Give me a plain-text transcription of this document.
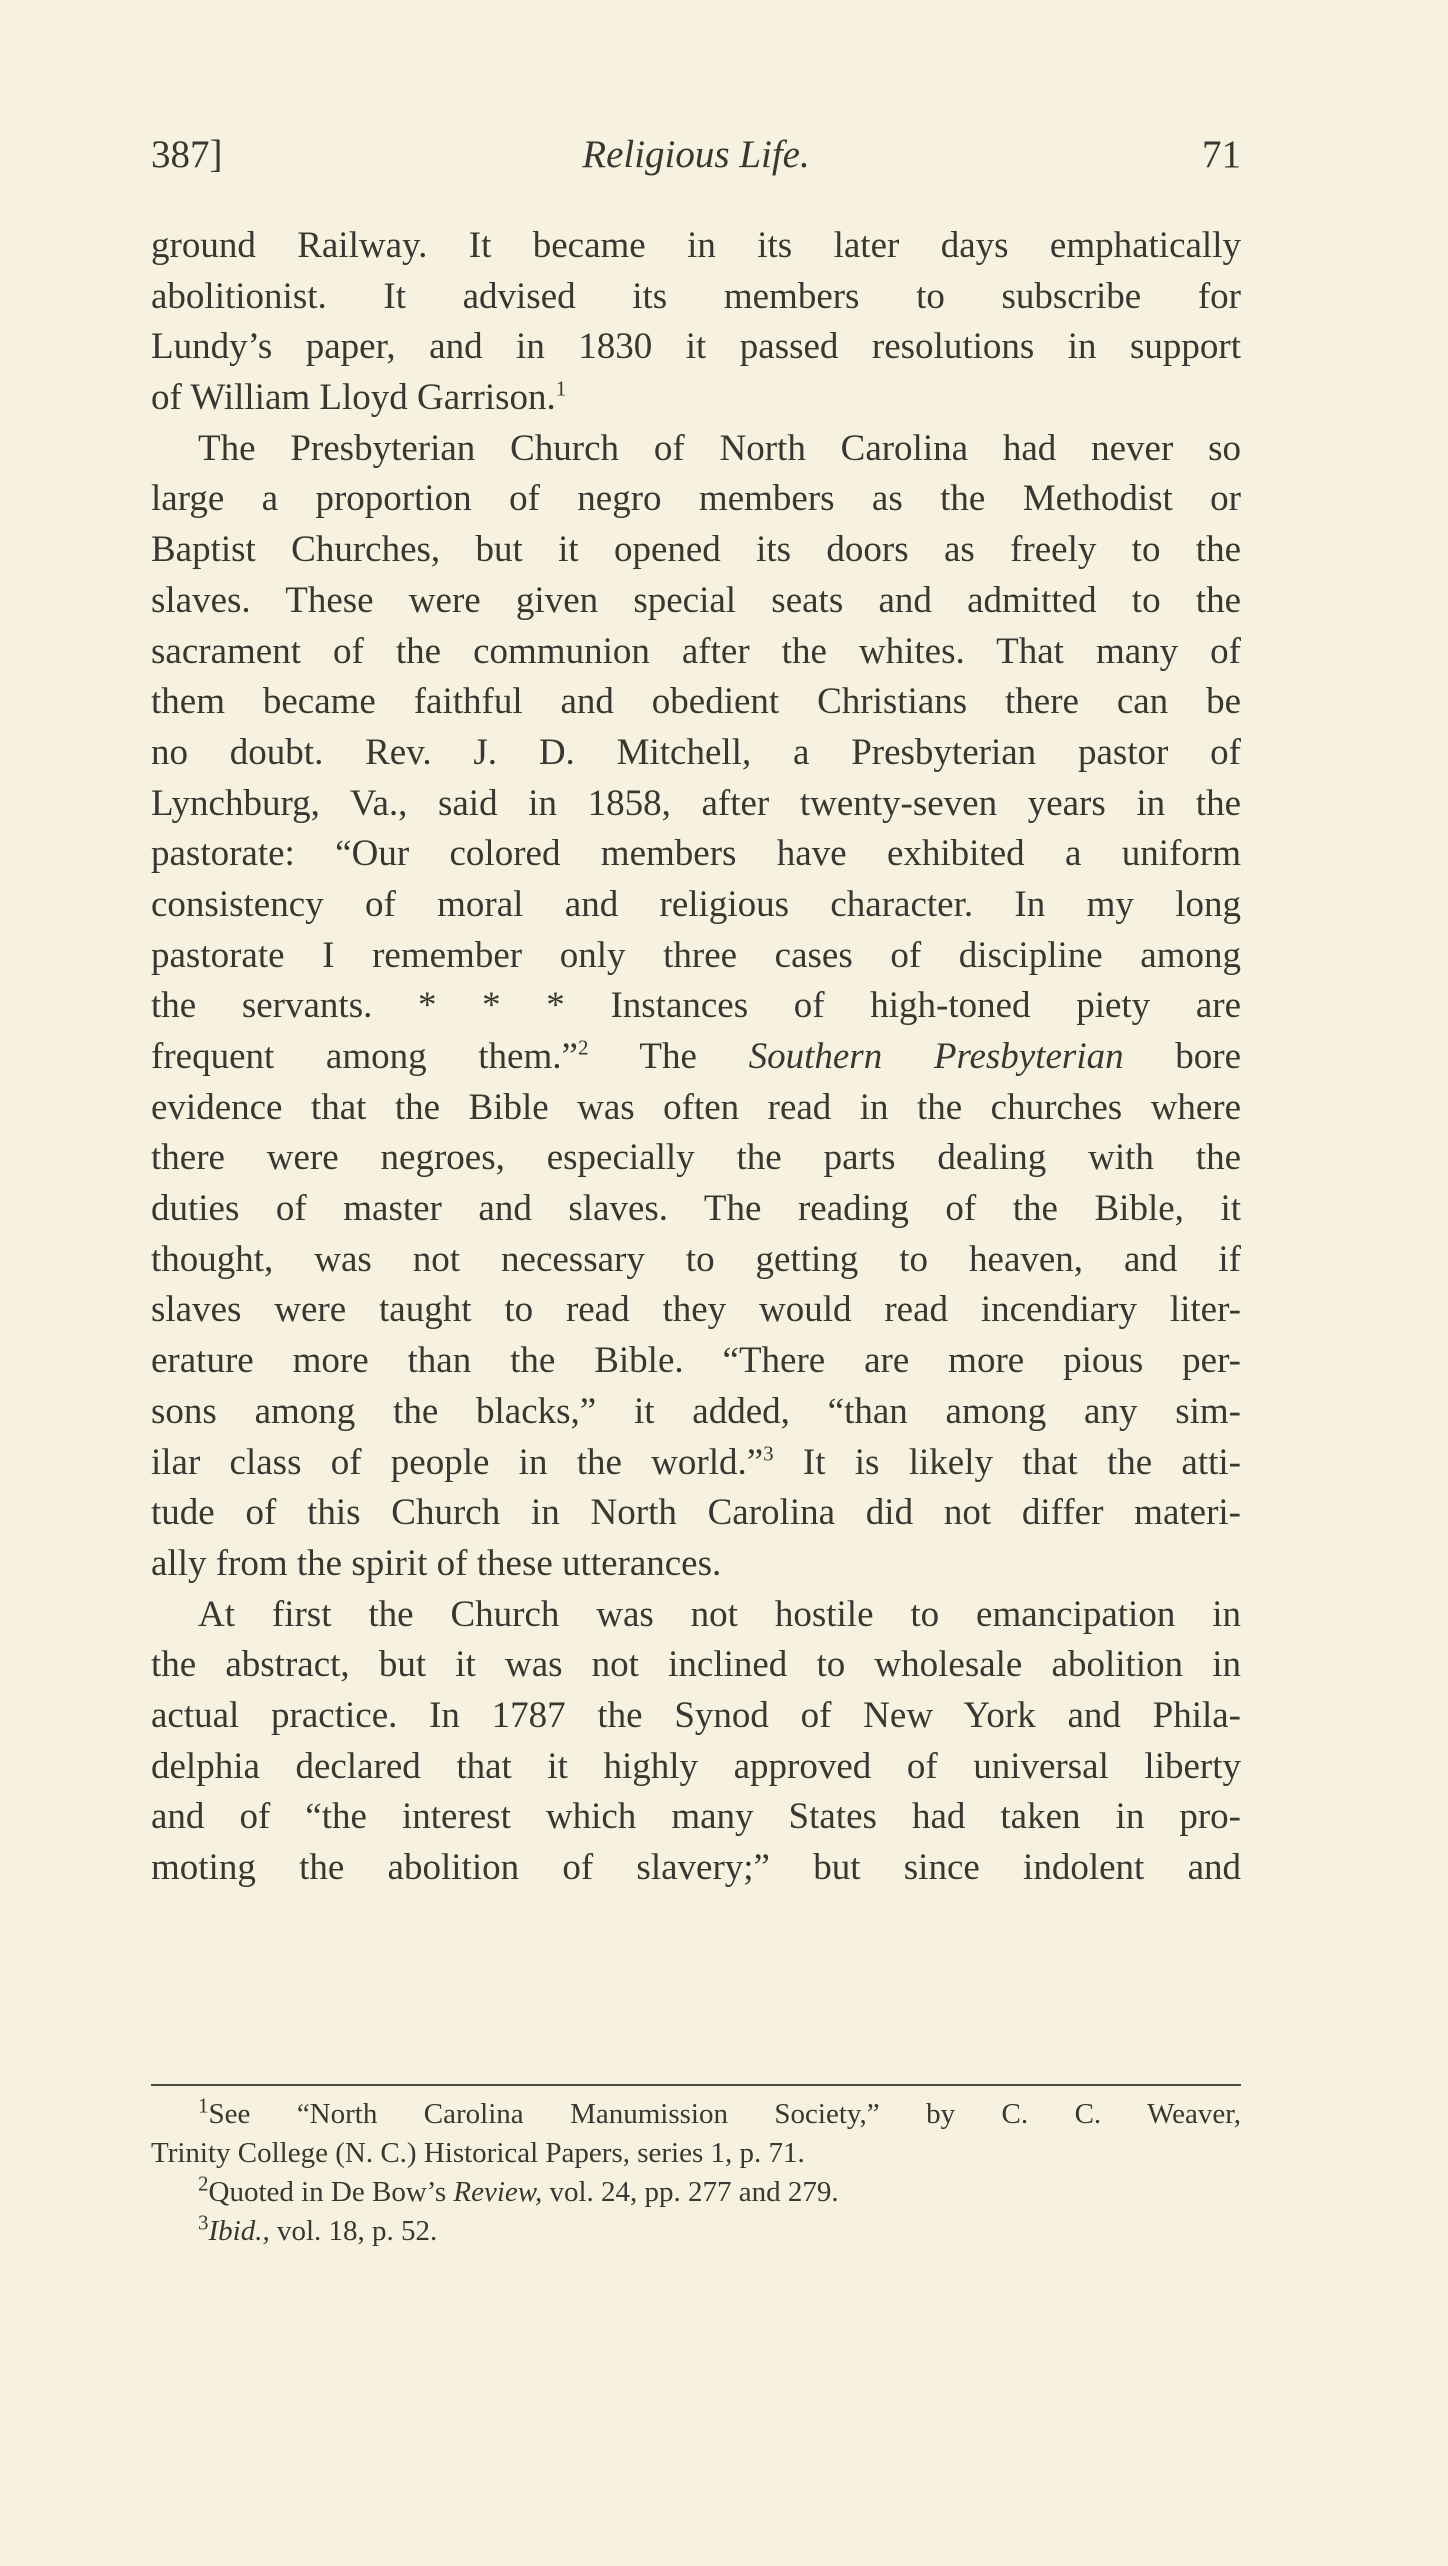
387]	Religious Life.	71
ground Railway. It became in its later days emphatically
abolitionist. It advised its members to subscribe for
Lundy’s paper, and in 1830 it passed resolutions in support
of William Lloyd Garrison.$^1$
The Presbyterian Church of North Carolina had never so
large a proportion of negro members as the Methodist or
Baptist Churches, but it opened its doors as freely to the
slaves. These were given special seats and admitted to the
sacrament of the communion after the whites. That many of
them became faithful and obedient Christians there can be
no doubt. Rev. J. D. Mitchell, a Presbyterian pastor of
Lynchburg, Va., said in 1858, after twenty-seven years in the
pastorate: “Our colored members have exhibited a uniform
consistency of moral and religious character. In my long
pastorate I remember only three cases of discipline among
the servants. * * * Instances of high-toned piety are
frequent among them.”$^2$ The Southern Presbyterian bore
evidence that the Bible was often read in the churches where
there were negroes, especially the parts dealing with the
duties of master and slaves. The reading of the Bible, it
thought, was not necessary to getting to heaven, and if
slaves were taught to read they would read incendiary liter-
erature more than the Bible. “There are more pious per-
sons among the blacks,” it added, “than among any sim-
ilar class of people in the world.”$^3$ It is likely that the atti-
tude of this Church in North Carolina did not differ materi-
ally from the spirit of these utterances.
At first the Church was not hostile to emancipation in
the abstract, but it was not inclined to wholesale abolition in
actual practice. In 1787 the Synod of New York and Phila-
delphia declared that it highly approved of universal liberty
and of “the interest which many States had taken in pro-
moting the abolition of slavery;” but since indolent and
$^1$See “North Carolina Manumission Society,” by C. C. Weaver,
Trinity College (N. C.) Historical Papers, series 1, p. 71.
$^2$Quoted in De Bow’s Review, vol. 24, pp. 277 and 279.
$^3$Ibid., vol. 18, p. 52.
